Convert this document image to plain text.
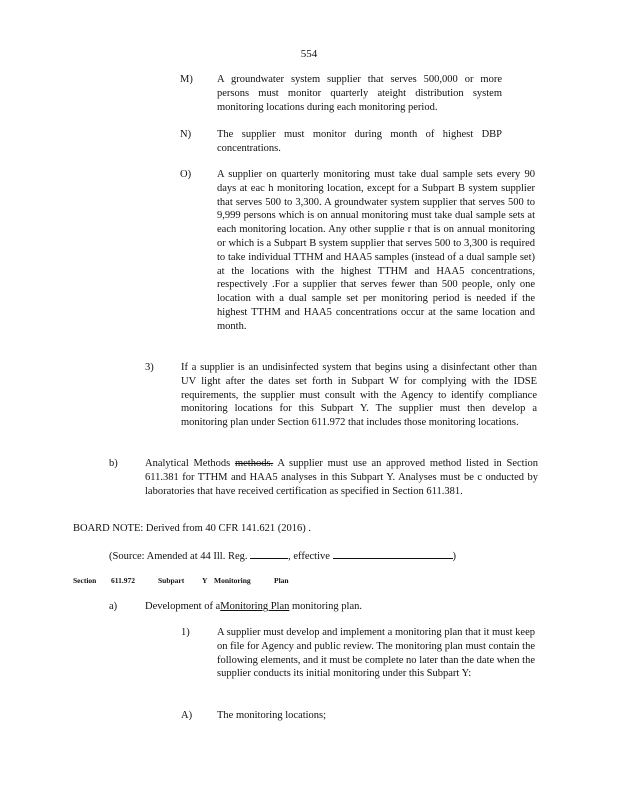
554
M) A groundwater system supplier that serves 500,000 or more persons must monitor quarterly ateight distribution system monitoring locations during each monitoring period.
N) The supplier must monitor during month of highest DBP concentrations.
O) A supplier on quarterly monitoring must take dual sample sets every 90 days at eac h monitoring location, except for a Subpart B system supplier that serves 500 to 3,300. A groundwater system supplier that serves 500 to 9,999 persons which is on annual monitoring must take dual sample sets at each monitoring location. Any other supplie r that is on annual monitoring or which is a Subpart B system supplier that serves 500 to 3,300 is required to take individual TTHM and HAA5 samples (instead of a dual sample set) at the locations with the highest TTHM and HAA5 concentrations, respectively .For a supplier that serves fewer than 500 people, only one location with a dual sample set per monitoring period is needed if the highest TTHM and HAA5 concentrations occur at the same location and month.
3)	If a supplier is an undisinfected system that begins using a disinfectant other than UV light after the dates set forth in Subpart W for complying with the IDSE requirements, the supplier must consult with the Agency to identify compliance monitoring locations for this Subpart Y. The supplier must then develop a monitoring plan under Section 611.972 that includes those monitoring locations.
b)	Analytical Methods methods. A supplier must use an approved method listed in Section 611.381 for TTHM and HAA5 analyses in this Subpart Y. Analyses must be c onducted by laboratories that have received certification as specified in Section 611.381.
BOARD NOTE: Derived from 40 CFR 141.621 (2016) .
(Source: Amended at 44 Ill. Reg.	, effective	)
Section 611.972	Subpart Y Monitoring	Plan
a)	Development of aMonitoring Plan monitoring plan.
1)	A supplier must develop and implement a monitoring plan that it must keep on file for Agency and public review. The monitoring plan must contain the following elements, and it must be complete no later than the date when the supplier conducts its initial monitoring under this Subpart Y:
A) The monitoring locations;
